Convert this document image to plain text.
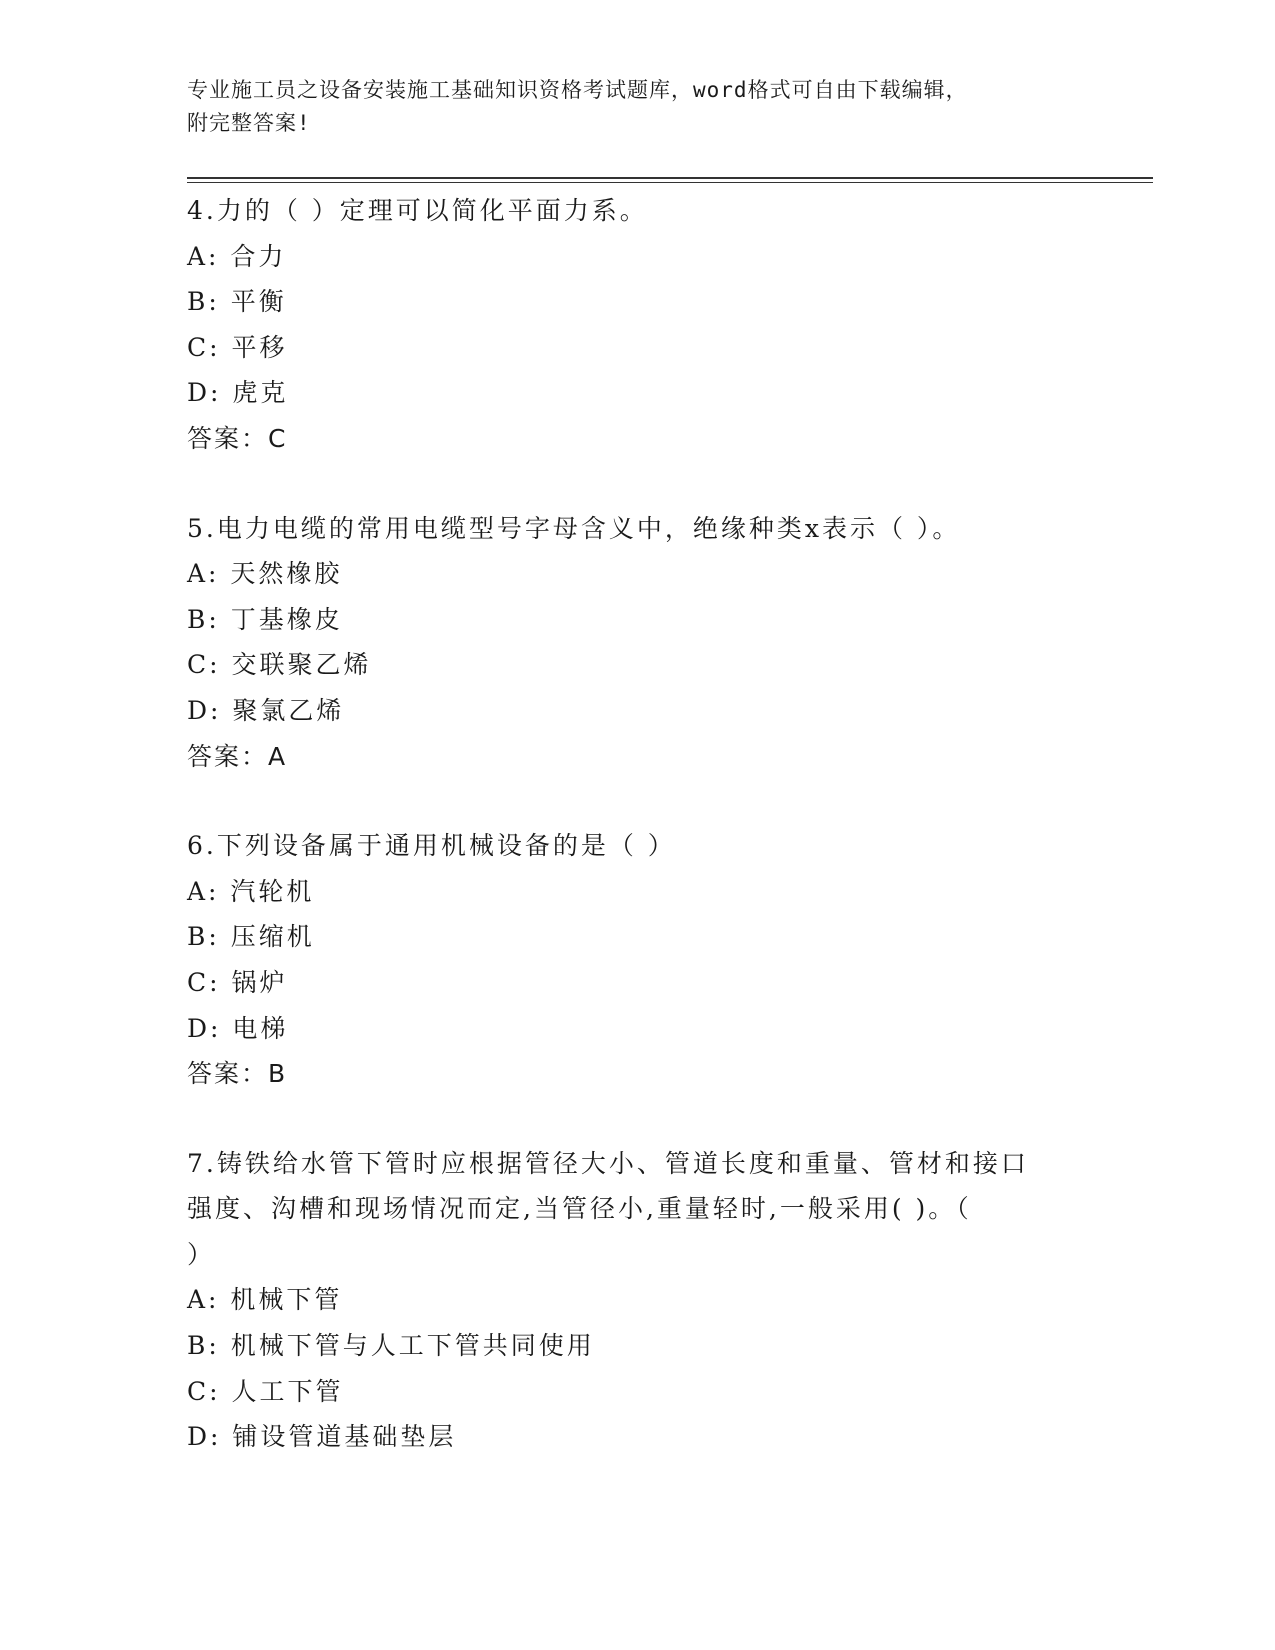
专业施工员之设备安装施工基础知识资格考试题库，word格式可自由下载编辑，
附完整答案!
4.力的（ ）定理可以简化平面力系。
A: 合力
B: 平衡
C: 平移
D: 虎克
答案：C
5.电力电缆的常用电缆型号字母含义中，绝缘种类x表示（ ）。
A: 天然橡胶
B: 丁基橡皮
C: 交联聚乙烯
D: 聚氯乙烯
答案：A
6.下列设备属于通用机械设备的是（ ）
A: 汽轮机
B: 压缩机
C: 锅炉
D: 电梯
答案：B
7.铸铁给水管下管时应根据管径大小、管道长度和重量、管材和接口
强度、沟槽和现场情况而定,当管径小,重量轻时,一般采用( )。（
）
A: 机械下管
B: 机械下管与人工下管共同使用
C: 人工下管
D: 铺设管道基础垫层
